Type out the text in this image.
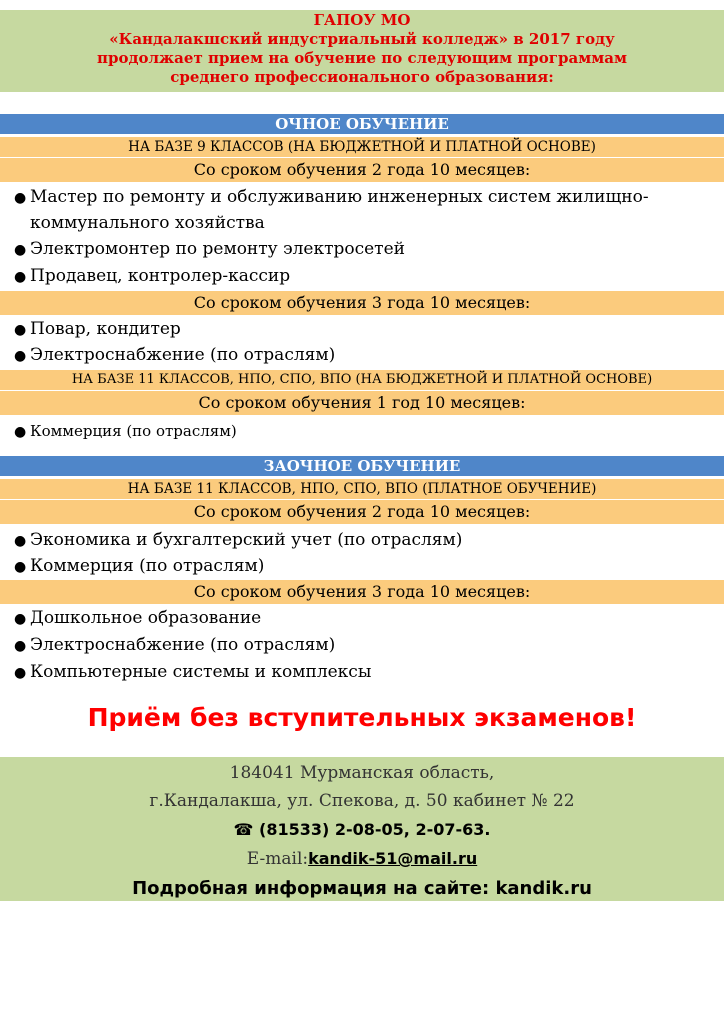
ГАПОУ МО
«Кандалакшский индустриальный колледж» в 2017 году
продолжает прием на обучение по следующим программам
среднего профессионального образования:
ОЧНОЕ ОБУЧЕНИЕ
НА БАЗЕ 9 КЛАССОВ (НА БЮДЖЕТНОЙ И ПЛАТНОЙ ОСНОВЕ)
Со сроком обучения 2 года 10 месяцев:
● Мастер по ремонту и обслуживанию инженерных систем жилищно-
коммунального хозяйства
● Электромонтер по ремонту электросетей
● Продавец, контролер-кассир
Со сроком обучения 3 года 10 месяцев:
● Повар, кондитер
● Электроснабжение (по отраслям)
НА БАЗЕ 11 КЛАССОВ, НПО, СПО, ВПО (НА БЮДЖЕТНОЙ И ПЛАТНОЙ ОСНОВЕ)
Со сроком обучения 1 год 10 месяцев:
● Коммерция (по отраслям)
ЗАОЧНОЕ ОБУЧЕНИЕ
НА БАЗЕ 11 КЛАССОВ, НПО, СПО, ВПО (ПЛАТНОЕ ОБУЧЕНИЕ)
Со сроком обучения 2 года 10 месяцев:
● Экономика и бухгалтерский учет (по отраслям)
● Коммерция (по отраслям)
Со сроком обучения 3 года 10 месяцев:
● Дошкольное образование
● Электроснабжение (по отраслям)
● Компьютерные системы и комплексы
Приём без вступительных экзаменов!
184041 Мурманская область,
г.Кандалакша, ул. Спекова, д. 50 кабинет № 22
☎ (81533) 2-08-05, 2-07-63.
E-mail:kandik-51@mail.ru
Подробная информация на сайте: kandik.ru
